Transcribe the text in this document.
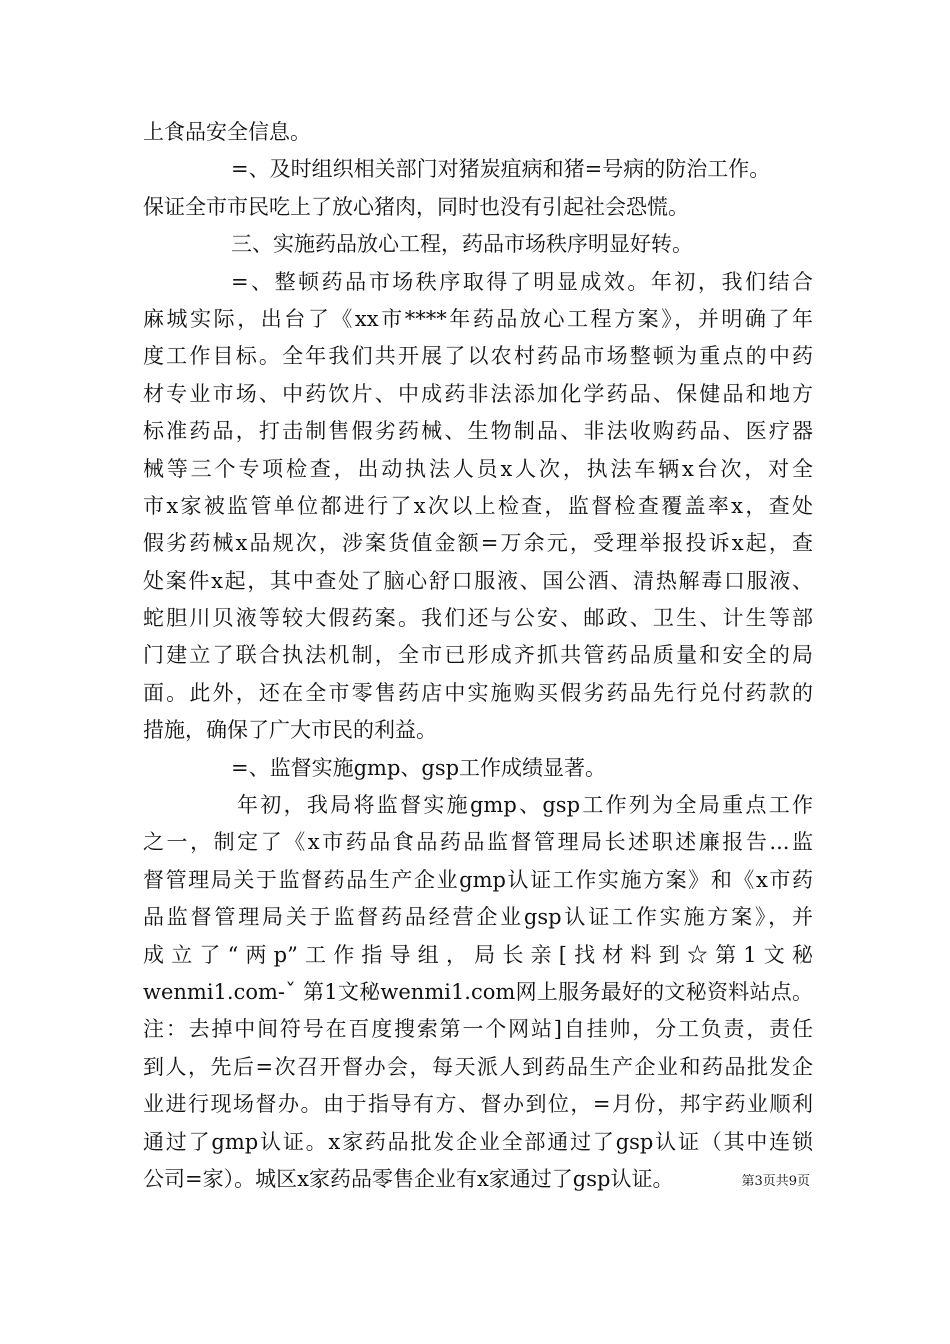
上食品安全信息。
=、及时组织相关部门对猪炭疽病和猪=号病的防治工作。
保证全市市民吃上了放心猪肉，同时也没有引起社会恐慌。
三、实施药品放心工程，药品市场秩序明显好转。
=、整顿药品市场秩序取得了明显成效。年初，我们结合
麻城实际，出台了《xx市****年药品放心工程方案》，并明确了年
度工作目标。全年我们共开展了以农村药品市场整顿为重点的中药
材专业市场、中药饮片、中成药非法添加化学药品、保健品和地方
标准药品，打击制售假劣药械、生物制品、非法收购药品、医疗器
械等三个专项检查，出动执法人员x人次，执法车辆x台次，对全
市x家被监管单位都进行了x次以上检查，监督检查覆盖率x，查处
假劣药械x品规次，涉案货值金额=万余元，受理举报投诉x起，查
处案件x起，其中查处了脑心舒口服液、国公酒、清热解毒口服液、
蛇胆川贝液等较大假药案。我们还与公安、邮政、卫生、计生等部
门建立了联合执法机制，全市已形成齐抓共管药品质量和安全的局
面。此外，还在全市零售药店中实施购买假劣药品先行兑付药款的
措施，确保了广大市民的利益。
=、监督实施gmp、gsp工作成绩显著。
年初，我局将监督实施gmp、gsp工作列为全局重点工作
之一，制定了《x市药品食品药品监督管理局长述职述廉报告...监
督管理局关于监督药品生产企业gmp认证工作实施方案》和《x市药
品监督管理局关于监督药品经营企业gsp认证工作实施方案》，并
成立了“两p”工作指导组，局长亲[找材料到☆第1文秘
wenmi1.com-ˇ 第1文秘wenmi1.com网上服务最好的文秘资料站点。
注：去掉中间符号在百度搜索第一个网站]自挂帅，分工负责，责任
到人，先后=次召开督办会，每天派人到药品生产企业和药品批发企
业进行现场督办。由于指导有方、督办到位，=月份，邦宇药业顺利
通过了gmp认证。x家药品批发企业全部通过了gsp认证（其中连锁
公司=家）。城区x家药品零售企业有x家通过了gsp认证。	第3页共9页
